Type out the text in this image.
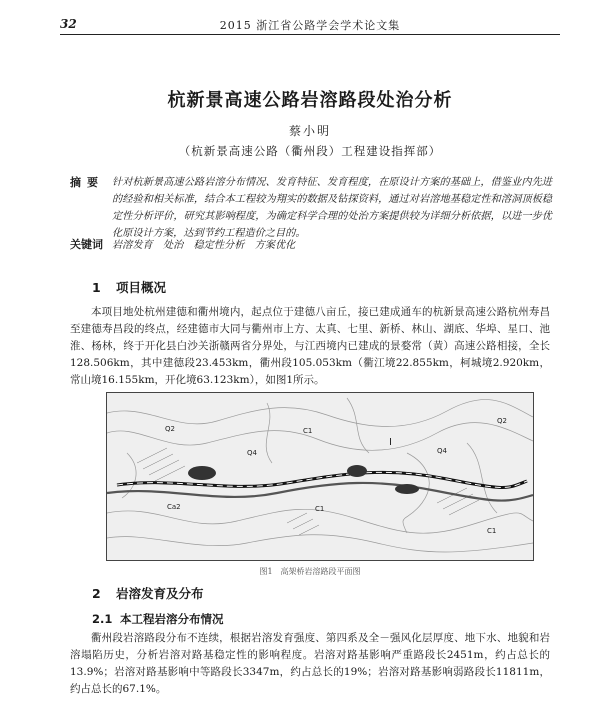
32	2015 浙江省公路学会学术论文集
杭新景高速公路岩溶路段处治分析
蔡小明
（杭新景高速公路（衢州段）工程建设指挥部）
摘要 针对杭新景高速公路岩溶分布情况、发育特征、发育程度，在原设计方案的基础上，借鉴业内先进的经验和相关标准，结合本工程较为翔实的数据及钻探资料，通过对岩溶地基稳定性和溶洞顶板稳定性分析评价，研究其影响程度，为确定科学合理的处治方案提供较为详细分析依据，以进一步优化原设计方案，达到节约工程造价之目的。
关键词 岩溶发育　处治　稳定性分析　方案优化
1 项目概况
本项目地处杭州建德和衢州境内，起点位于建德八亩丘，接已建成通车的杭新景高速公路杭州寿昌至建德寿昌段的终点，经建德市大同与衢州市上方、太真、七里、新桥、林山、湖底、华埠、星口、池淮、杨林，终于开化县白沙关浙赣两省分界处，与江西境内已建成的景婺常（黄）高速公路相接，全长128.506km，其中建德段23.453km，衢州段105.053km（衢江境22.855km，柯城境2.920km，常山境16.155km，开化境63.123km），如图1所示。
Q2
Q4
C1
C1
Ca2
Q4
I
Q2
C1
图1 高架桥岩溶路段平面图
2 岩溶发育及分布
2.1 本工程岩溶分布情况
衢州段岩溶路段分布不连续，根据岩溶发育强度、第四系及全－强风化层厚度、地下水、地貌和岩溶塌陷历史，分析岩溶对路基稳定性的影响程度。岩溶对路基影响严重路段长2451m，约占总长的13.9%；岩溶对路基影响中等路段长3347m，约占总长的19%；岩溶对路基影响弱路段长11811m，约占总长的67.1%。
